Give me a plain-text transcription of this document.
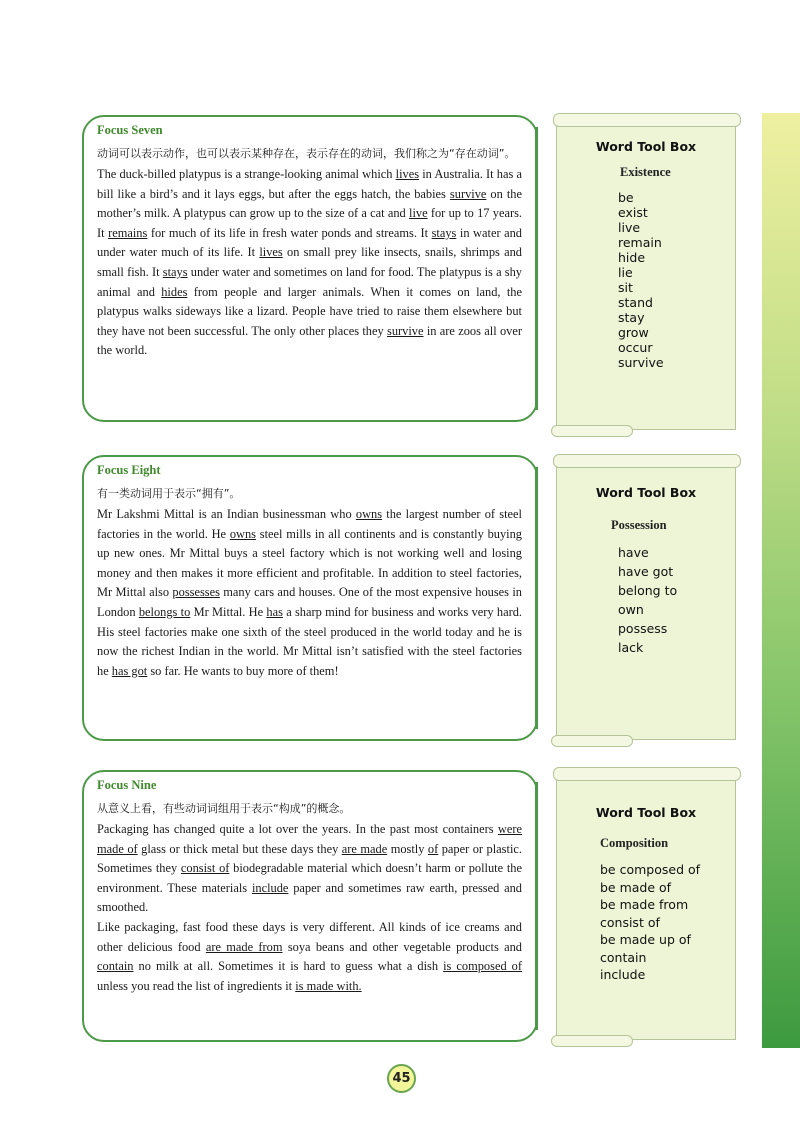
Focus Seven

动词可以表示动作，也可以表示某种存在，表示存在的动词，我们称之为“存在动词”。

The duck-billed platypus is a strange-looking animal which lives in Australia. It has a bill like a bird’s and it lays eggs, but after the eggs hatch, the babies survive on the mother’s milk. A platypus can grow up to the size of a cat and live for up to 17 years. It remains for much of its life in fresh water ponds and streams. It stays in water and under water much of its life. It lives on small prey like insects, snails, shrimps and small fish. It stays under water and sometimes on land for food. The platypus is a shy animal and hides from people and larger animals. When it comes on land, the platypus walks sideways like a lizard. People have tried to raise them elsewhere but they have not been successful. The only other places they survive in are zoos all over the world.

Word Tool Box
Existence
be
exist
live
remain
hide
lie
sit
stand
stay
grow
occur
survive

Focus Eight

有一类动词用于表示“拥有”。

Mr Lakshmi Mittal is an Indian businessman who owns the largest number of steel factories in the world. He owns steel mills in all continents and is constantly buying up new ones. Mr Mittal buys a steel factory which is not working well and losing money and then makes it more efficient and profitable. In addition to steel factories, Mr Mittal also possesses many cars and houses. One of the most expensive houses in London belongs to Mr Mittal. He has a sharp mind for business and works very hard. His steel factories make one sixth of the steel produced in the world today and he is now the richest Indian in the world. Mr Mittal isn’t satisfied with the steel factories he has got so far. He wants to buy more of them!

Word Tool Box
Possession
have
have got
belong to
own
possess
lack

Focus Nine

从意义上看，有些动词词组用于表示“构成”的概念。

Packaging has changed quite a lot over the years. In the past most containers were made of glass or thick metal but these days they are made mostly of paper or plastic. Sometimes they consist of biodegradable material which doesn’t harm or pollute the environment. These materials include paper and sometimes raw earth, pressed and smoothed.

Like packaging, fast food these days is very different. All kinds of ice creams and other delicious food are made from soya beans and other vegetable products and contain no milk at all. Sometimes it is hard to guess what a dish is composed of unless you read the list of ingredients it is made with.

Word Tool Box
Composition
be composed of
be made of
be made from
consist of
be made up of
contain
include
45
